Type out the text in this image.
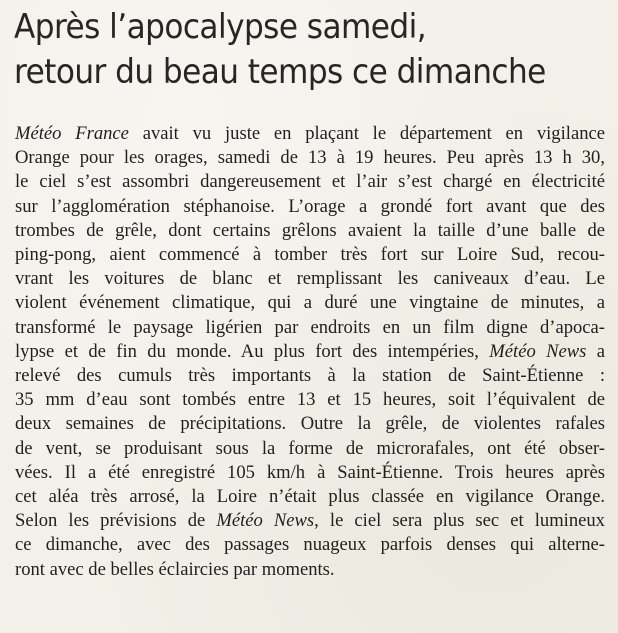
Après l’apocalypse samedi,
retour du beau temps ce dimanche
Météo France avait vu juste en plaçant le département en vigilance
Orange pour les orages, samedi de 13 à 19 heures. Peu après 13 h 30,
le ciel s’est assombri dangereusement et l’air s’est chargé en électricité
sur l’agglomération stéphanoise. L’orage a grondé fort avant que des
trombes de grêle, dont certains grêlons avaient la taille d’une balle de
ping-pong, aient commencé à tomber très fort sur Loire Sud, recou-
vrant les voitures de blanc et remplissant les caniveaux d’eau. Le
violent événement climatique, qui a duré une vingtaine de minutes, a
transformé le paysage ligérien par endroits en un film digne d’apoca-
lypse et de fin du monde. Au plus fort des intempéries, Météo News a
relevé des cumuls très importants à la station de Saint-Étienne :
35 mm d’eau sont tombés entre 13 et 15 heures, soit l’équivalent de
deux semaines de précipitations. Outre la grêle, de violentes rafales
de vent, se produisant sous la forme de microrafales, ont été obser-
vées. Il a été enregistré 105 km/h à Saint-Étienne. Trois heures après
cet aléa très arrosé, la Loire n’était plus classée en vigilance Orange.
Selon les prévisions de Météo News, le ciel sera plus sec et lumineux
ce dimanche, avec des passages nuageux parfois denses qui alterne-
ront avec de belles éclaircies par moments.
